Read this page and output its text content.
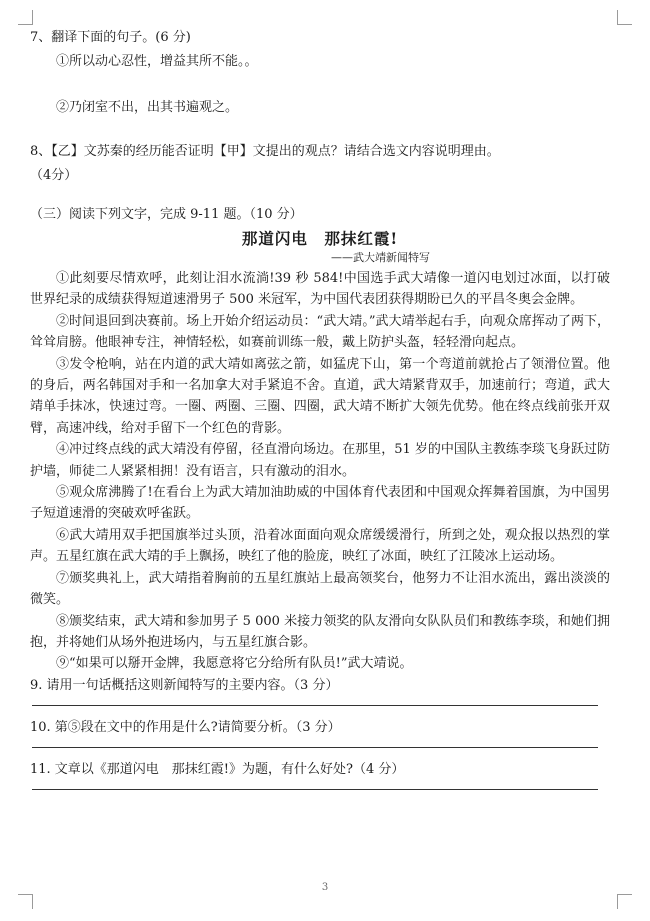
7、翻译下面的句子。(6 分)

①所以动心忍性，增益其所不能。。

②乃闭室不出，出其书遍观之。

8、【乙】文苏秦的经历能否证明【甲】文提出的观点？请结合选文内容说明理由。

（4分）

（三）阅读下列文字，完成 9-11 题。（10 分）
那道闪电　那抹红霞!
——武大靖新闻特写

①此刻要尽情欢呼，此刻让泪水流淌!39 秒 584!中国选手武大靖像一道闪电划过冰面，以打破世界纪录的成绩获得短道速滑男子 500 米冠军，为中国代表团获得期盼已久的平昌冬奥会金牌。

②时间退回到决赛前。场上开始介绍运动员：“武大靖。”武大靖举起右手，向观众席挥动了两下，耸耸肩膀。他眼神专注，神情轻松，如赛前训练一般，戴上防护头盔，轻轻滑向起点。

③发令枪响，站在内道的武大靖如离弦之箭，如猛虎下山，第一个弯道前就抢占了领滑位置。他的身后，两名韩国对手和一名加拿大对手紧追不舍。直道，武大靖紧背双手，加速前行；弯道，武大靖单手抹冰，快速过弯。一圈、两圈、三圈、四圈，武大靖不断扩大领先优势。他在终点线前张开双臂，高速冲线，给对手留下一个红色的背影。

④冲过终点线的武大靖没有停留，径直滑向场边。在那里，51 岁的中国队主教练李琰飞身跃过防护墙，师徒二人紧紧相拥！没有语言，只有激动的泪水。

⑤观众席沸腾了!在看台上为武大靖加油助威的中国体育代表团和中国观众挥舞着国旗，为中国男子短道速滑的突破欢呼雀跃。

⑥武大靖用双手把国旗举过头顶，沿着冰面面向观众席缓缓滑行，所到之处，观众报以热烈的掌声。五星红旗在武大靖的手上飘扬，映红了他的脸庞，映红了冰面，映红了江陵冰上运动场。

⑦颁奖典礼上，武大靖指着胸前的五星红旗站上最高领奖台，他努力不让泪水流出，露出淡淡的微笑。

⑧颁奖结束，武大靖和参加男子 5 000 米接力领奖的队友滑向女队队员们和教练李琰，和她们拥抱，并将她们从场外抱进场内，与五星红旗合影。

⑨“如果可以掰开金牌，我愿意将它分给所有队员!”武大靖说。

9. 请用一句话概括这则新闻特写的主要内容。（3 分）

10. 第⑤段在文中的作用是什么?请简要分析。（3 分）

11. 文章以《那道闪电　那抹红霞!》为题，有什么好处?（4 分）

3
